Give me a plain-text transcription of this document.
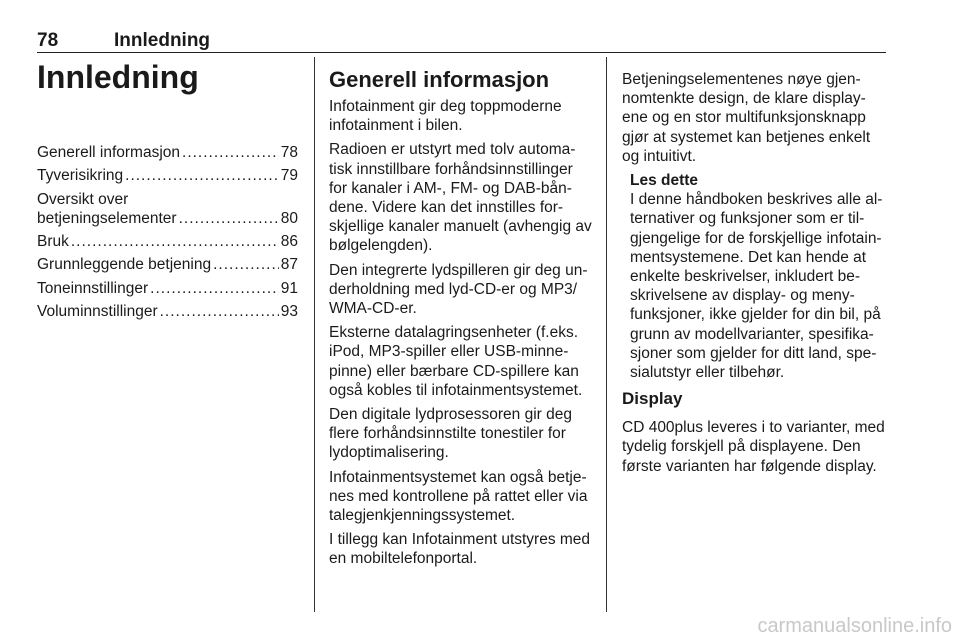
78	Innledning
Innledning
Generell informasjon .....	78
Tyverisikring .....	79
Oversikt over
betjeningselementer .....	80
Bruk .....	86
Grunnleggende betjening .....	87
Toneinnstillinger .....	91
Voluminnstillinger .....	93
Generell informasjon

Infotainment gir deg toppmoderne infotainment i bilen.

Radioen er utstyrt med tolv automa-tisk innstillbare forhåndsinnstillinger for kanaler i AM-, FM- og DAB-bån-dene. Videre kan det innstilles for-skjellige kanaler manuelt (avhengig av bølgelengden).

Den integrerte lydspilleren gir deg un-derholdning med lyd-CD-er og MP3/ WMA-CD-er.

Eksterne datalagringsenheter (f.eks. iPod, MP3-spiller eller USB-minne-pinne) eller bærbare CD-spillere kan også kobles til infotainmentsystemet.

Den digitale lydprosessoren gir deg flere forhåndsinnstilte tonestiler for lydoptimalisering.

Infotainmentsystemet kan også betje-nes med kontrollene på rattet eller via talegjenkjenningssystemet.

I tillegg kan Infotainment utstyres med en mobiltelefonportal.

Betjeningselementenes nøye gjen-nomtenkte design, de klare display-ene og en stor multifunksjonsknapp gjør at systemet kan betjenes enkelt og intuitivt.

Les dette
I denne håndboken beskrives alle al-ternativer og funksjoner som er til-gjengelige for de forskjellige infotain-mentsystemene. Det kan hende at enkelte beskrivelser, inkludert be-skrivelsene av display- og meny-funksjoner, ikke gjelder for din bil, på grunn av modellvarianter, spesifika-sjoner som gjelder for ditt land, spe-sialutstyr eller tilbehør.
Display

CD 400plus leveres i to varianter, med tydelig forskjell på displayene. Den første varianten har følgende display.

carmanualsonline.info
